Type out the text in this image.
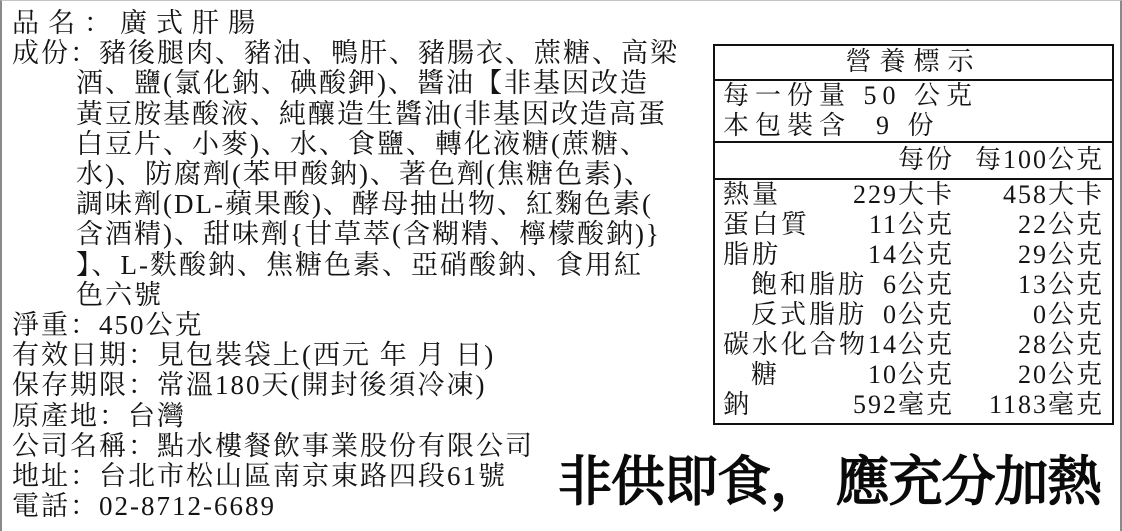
品名：廣式肝腸
成份：豬後腿肉、豬油、鴨肝、豬腸衣、蔗糖、高梁
酒、鹽(氯化鈉、碘酸鉀)、醬油【非基因改造
黃豆胺基酸液、純釀造生醬油(非基因改造高蛋
白豆片、小麥)、水、食鹽、轉化液糖(蔗糖、
水)、防腐劑(苯甲酸鈉)、著色劑(焦糖色素)、
調味劑(DL-蘋果酸)、酵母抽出物、紅麴色素(
含酒精)、甜味劑{甘草萃(含糊精、檸檬酸鈉)}
】、L-麩酸鈉、焦糖色素、亞硝酸鈉、食用紅
色六號
淨重：450公克
有效日期：見包裝袋上(西元 年 月 日)
保存期限：常溫180天(開封後須冷凍)
原產地：台灣
公司名稱：點水樓餐飲事業股份有限公司
地址：台北市松山區南京東路四段61號
電話：02-8712-6689
營養標示
每一份量 50 公克
本包裝含  9 份
每份 每100公克
熱量	229大卡 458大卡
蛋白質 11公克 22公克
脂肪	14公克 29公克
飽和脂肪 6公克 13公克
反式脂肪 0公克	0公克
碳水化合物 14公克 28公克
糖	10公克 20公克
鈉	592毫克 1183毫克
非供即食， 應充分加熱
